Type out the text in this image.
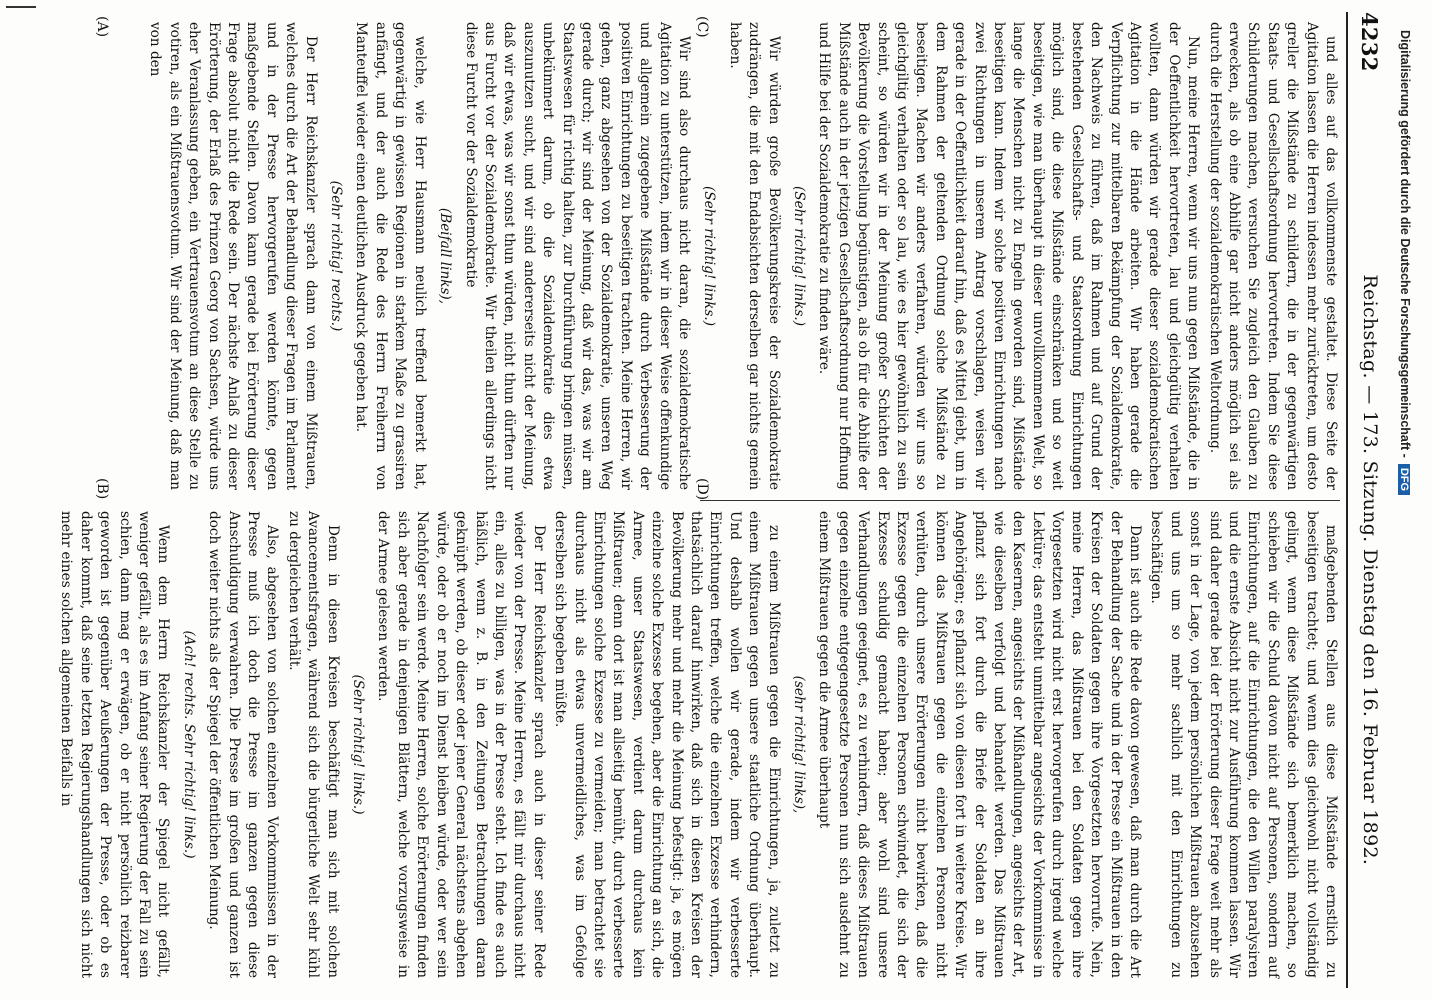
4232
Reichstag. — 173. Sitzung. Dienstag den 16. Februar 1892.

und alles auf das vollkommenste gestaltet. Diese Seite der Agitation lassen die Herren indessen mehr zurücktreten, um desto greller die Mißstände zu schildern, die in der gegenwärtigen Staats- und Gesellschaftsordnung hervortreten. Indem Sie diese Schilderungen machen, versuchen Sie zugleich den Glauben zu erwecken, als ob eine Abhilfe gar nicht anders möglich sei als durch die Herstellung der sozialdemokratischen Weltordnung.

Nun, meine Herren, wenn wir uns nun gegen Mißstände, die in der Oeffentlichkeit hervortreten, lau und gleichgültig verhalten wollten, dann würden wir gerade dieser sozialdemokratischen Agitation in die Hände arbeiten. Wir haben gerade die Verpflichtung zur mittelbaren Bekämpfung der Sozialdemokratie, den Nachweis zu führen, daß im Rahmen und auf Grund der bestehenden Gesellschafts- und Staatsordnung Einrichtungen möglich sind, die diese Mißstände einschränken und so weit beseitigen, wie man überhaupt in dieser unvollkommenen Welt, so lange die Menschen nicht zu Engeln geworden sind, Mißstände beseitigen kann. Indem wir solche positiven Einrichtungen nach zwei Richtungen in unserem Antrag vorschlagen, weisen wir gerade in der Oeffentlichkeit darauf hin, daß es Mittel giebt, um in dem Rahmen der geltenden Ordnung solche Mißstände zu beseitigen. Machen wir anders verfahren, würden wir uns so gleichgiltig verhalten oder so lau, wie es hier gewöhnlich zu sein scheint, so würden wir in der Meinung großer Schichten der Bevölkerung die Vorstellung begünstigen, als ob für die Abhilfe der Mißstände auch in der jetzigen Gesellschaftsordnung nur Hoffnung und Hilfe bei der Sozialdemokratie zu finden wäre.

(Sehr richtig! links.)

Wir würden große Bevölkerungskreise der Sozialdemokratie zudrängen, die mit den Endabsichten derselben gar nichts gemein haben.

(Sehr richtig! links.)

Wir sind also durchaus nicht daran, die sozialdemokratische Agitation zu unterstützen, indem wir in dieser Weise offenkundige und allgemein zugegebene Mißstände durch Verbesserung der positiven Einrichtungen zu beseitigen trachten. Meine Herren, wir gehen, ganz abgesehen von der Sozialdemokratie, unseren Weg gerade durch; wir sind der Meinung, daß wir das, was wir am Staatswesen für richtig halten, zur Durchführung bringen müssen, unbekümmert darum, ob die Sozialdemokratie dies etwa auszunutzen sucht, und wir sind andererseits nicht der Meinung, daß wir etwas, was wir sonst thun würden, nicht thun dürften nur aus Furcht vor der Sozialdemokratie. Wir theilen allerdings nicht diese Furcht vor der Sozialdemokratie

(Beifall links),

welche, wie Herr Hausmann neulich treffend bemerkt hat, gegenwärtig in gewissen Regionen in starkem Maße zu grassiren anfängt, und der auch die Rede des Herrn Freiherrn von Manteuffel wieder einen deutlichen Ausdruck gegeben hat.

(Sehr richtig! rechts.)

Der Herr Reichskanzler sprach dann von einem Mißtrauen, welches durch die Art der Behandlung dieser Fragen im Parlament und in der Presse hervorgerufen werden könnte, gegen maßgebende Stellen. Davon kann gerade bei Erörterung dieser Frage absolut nicht die Rede sein. Der nächste Anlaß zu dieser Erörterung, der Erlaß des Prinzen Georg von Sachsen, würde uns eher Veranlassung geben, ein Vertrauensvotum an diese Stelle zu votiren, als ein Mißtrauensvotum. Wir sind der Meinung, daß man von den

maßgebenden Stellen aus diese Mißstände ernstlich zu beseitigen trachtet; und wenn dies gleichwohl nicht vollständig gelingt, wenn diese Mißstände sich bemerklich machen, so schieben wir die Schuld davon nicht auf Personen, sondern auf Einrichtungen, auf die Einrichtungen, die den Willen paralysiren und die ernste Absicht nicht zur Ausführung kommen lassen. Wir sind daher gerade bei der Erörterung dieser Frage weit mehr als sonst in der Lage, von jedem persönlichen Mißtrauen abzusehen und uns um so mehr sachlich mit den Einrichtungen zu beschäftigen.

Dann ist auch die Rede davon gewesen, daß man durch die Art der Behandlung der Sache und in der Presse ein Mißtrauen in den Kreisen der Soldaten gegen ihre Vorgesetzten hervorrufe. Nein, meine Herren, das Mißtrauen bei den Soldaten gegen ihre Vorgesetzten wird nicht erst hervorgerufen durch irgend welche Lektüre; das entsteht unmittelbar angesichts der Vorkommnisse in den Kasernen, angesichts der Mißhandlungen, angesichts der Art, wie dieselben verfolgt und behandelt werden. Das Mißtrauen pflanzt sich fort durch die Briefe der Soldaten an ihre Angehörigen; es pflanzt sich von diesen fort in weitere Kreise. Wir können das Mißtrauen gegen die einzelnen Personen nicht verhüten, durch unsere Erörterungen nicht bewirken, daß die Exzesse gegen die einzelnen Personen schwindet, die sich der Exzesse schuldig gemacht haben; aber wohl sind unsere Verhandlungen geeignet, es zu verhindern, daß dieses Mißtrauen gegen einzelne entgegengesetzte Personen nun sich ausdehnt zu einem Mißtrauen gegen die Armee überhaupt

(sehr richtig! links),

zu einem Mißtrauen gegen die Einrichtungen, ja, zuletzt zu einem Mißtrauen gegen unsere staatliche Ordnung überhaupt. Und deshalb wollen wir gerade, indem wir verbesserte Einrichtungen treffen, welche die einzelnen Exzesse verhindern, thatsächlich darauf hinwirken, daß sich in diesen Kreisen der Bevölkerung mehr und mehr die Meinung befestigt: ja, es mögen einzelne solche Exzesse begehen, aber die Einrichtung an sich, die Armee, unser Staatswesen, verdient darum durchaus kein Mißtrauen; denn dort ist man allseitig bemüht, durch verbesserte Einrichtungen solche Exzesse zu vermeiden; man betrachtet sie durchaus nicht als etwas unvermeidliches, was im Gefolge derselben sich begeben müßte.

Der Herr Reichskanzler sprach auch in dieser seiner Rede wieder von der Presse. Meine Herren, es fällt mir durchaus nicht ein, alles zu billigen, was in der Presse steht. Ich finde es auch häßlich, wenn z. B. in den Zeitungen Betrachtungen daran geknüpft werden, ob dieser oder jener General nächstens abgehen würde, oder ob er noch im Dienst bleiben würde, oder wer sein Nachfolger sein werde. Meine Herren, solche Erörterungen finden sich aber gerade in denjenigen Blättern, welche vorzugsweise in der Armee gelesen werden.

(Sehr richtig! links.)

Denn in diesen Kreisen beschäftigt man sich mit solchen Avancementsfragen, während sich die bürgerliche Welt sehr kühl zu dergleichen verhält.

Also, abgesehen von solchen einzelnen Vorkommnissen in der Presse muß ich doch die Presse im ganzen gegen diese Anschuldigung verwahren. Die Presse im großen und ganzen ist doch weiter nichts als der Spiegel der öffentlichen Meinung.

(Ach! rechts. Sehr richtig! links.)

Wenn dem Herrn Reichskanzler der Spiegel nicht gefällt, weniger gefällt, als es im Anfang seiner Regierung der Fall zu sein schien, dann mag er erwägen, ob er nicht persönlich reizbarer geworden ist gegenüber Aeußerungen der Presse, oder ob es daher kommt, daß seine letzten Regierungshandlungen sich nicht mehr eines solchen allgemeinen Beifalls in

(A)
(B)
(C)
(D)
Digitalisierung gefördert durch die Deutsche Forschungsgemeinschaft -DFG
